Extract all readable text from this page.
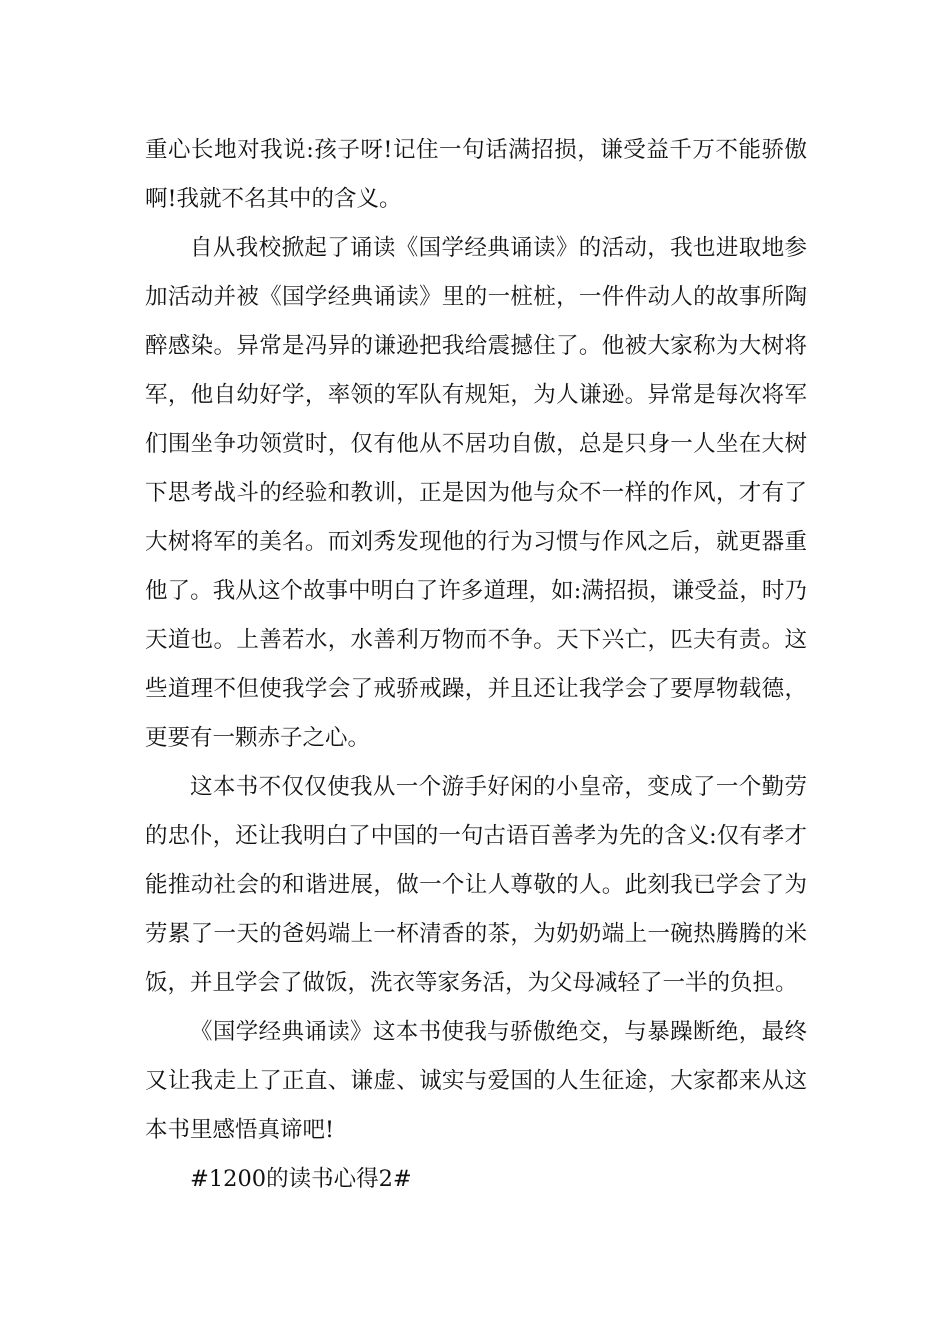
重心长地对我说:孩子呀!记住一句话满招损，谦受益千万不能骄傲
啊!我就不名其中的含义。
自从我校掀起了诵读《国学经典诵读》的活动，我也进取地参
加活动并被《国学经典诵读》里的一桩桩，一件件动人的故事所陶
醉感染。异常是冯异的谦逊把我给震撼住了。他被大家称为大树将
军，他自幼好学，率领的军队有规矩，为人谦逊。异常是每次将军
们围坐争功领赏时，仅有他从不居功自傲，总是只身一人坐在大树
下思考战斗的经验和教训，正是因为他与众不一样的作风，才有了
大树将军的美名。而刘秀发现他的行为习惯与作风之后，就更器重
他了。我从这个故事中明白了许多道理，如:满招损，谦受益，时乃
天道也。上善若水，水善利万物而不争。天下兴亡，匹夫有责。这
些道理不但使我学会了戒骄戒躁，并且还让我学会了要厚物载德，
更要有一颗赤子之心。
这本书不仅仅使我从一个游手好闲的小皇帝，变成了一个勤劳
的忠仆，还让我明白了中国的一句古语百善孝为先的含义:仅有孝才
能推动社会的和谐进展，做一个让人尊敬的人。此刻我已学会了为
劳累了一天的爸妈端上一杯清香的茶，为奶奶端上一碗热腾腾的米
饭，并且学会了做饭，洗衣等家务活，为父母减轻了一半的负担。
《国学经典诵读》这本书使我与骄傲绝交，与暴躁断绝，最终
又让我走上了正直、谦虚、诚实与爱国的人生征途，大家都来从这
本书里感悟真谛吧!
#1200的读书心得2#
